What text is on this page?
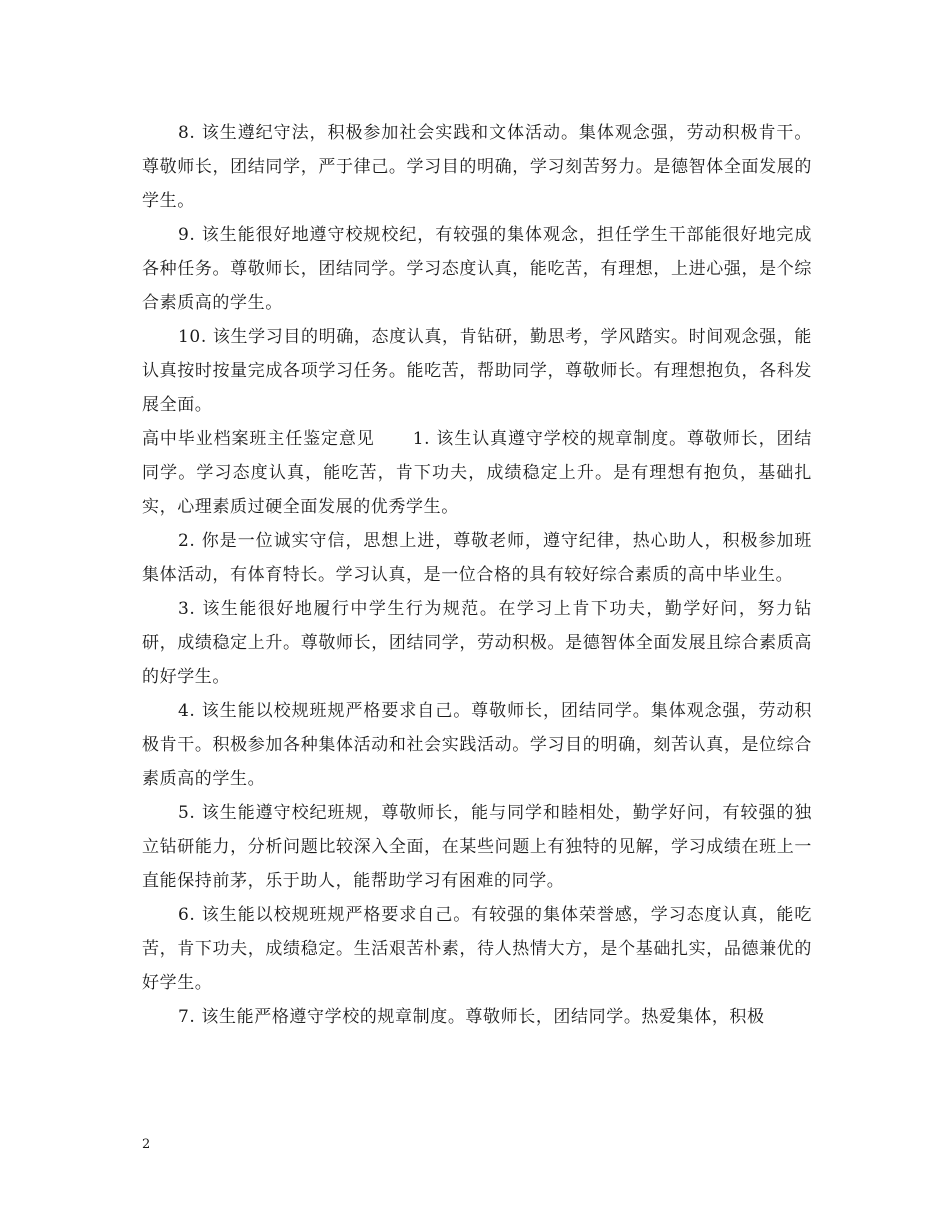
8. 该生遵纪守法，积极参加社会实践和文体活动。集体观念强，劳动积极肯干。尊敬师长，团结同学，严于律己。学习目的明确，学习刻苦努力。是德智体全面发展的学生。

9. 该生能很好地遵守校规校纪，有较强的集体观念，担任学生干部能很好地完成各种任务。尊敬师长，团结同学。学习态度认真，能吃苦，有理想，上进心强，是个综合素质高的学生。

10. 该生学习目的明确，态度认真，肯钻研，勤思考，学风踏实。时间观念强，能认真按时按量完成各项学习任务。能吃苦，帮助同学，尊敬师长。有理想抱负，各科发展全面。

高中毕业档案班主任鉴定意见 1. 该生认真遵守学校的规章制度。尊敬师长，团结同学。学习态度认真，能吃苦，肯下功夫，成绩稳定上升。是有理想有抱负，基础扎实，心理素质过硬全面发展的优秀学生。

2. 你是一位诚实守信，思想上进，尊敬老师，遵守纪律，热心助人，积极参加班集体活动，有体育特长。学习认真，是一位合格的具有较好综合素质的高中毕业生。

3. 该生能很好地履行中学生行为规范。在学习上肯下功夫，勤学好问，努力钻研，成绩稳定上升。尊敬师长，团结同学，劳动积极。是德智体全面发展且综合素质高的好学生。

4. 该生能以校规班规严格要求自己。尊敬师长，团结同学。集体观念强，劳动积极肯干。积极参加各种集体活动和社会实践活动。学习目的明确，刻苦认真，是位综合素质高的学生。

5. 该生能遵守校纪班规，尊敬师长，能与同学和睦相处，勤学好问，有较强的独立钻研能力，分析问题比较深入全面，在某些问题上有独特的见解，学习成绩在班上一直能保持前茅，乐于助人，能帮助学习有困难的同学。

6. 该生能以校规班规严格要求自己。有较强的集体荣誉感，学习态度认真，能吃苦，肯下功夫，成绩稳定。生活艰苦朴素，待人热情大方，是个基础扎实，品德兼优的好学生。

7. 该生能严格遵守学校的规章制度。尊敬师长，团结同学。热爱集体，积极

2
